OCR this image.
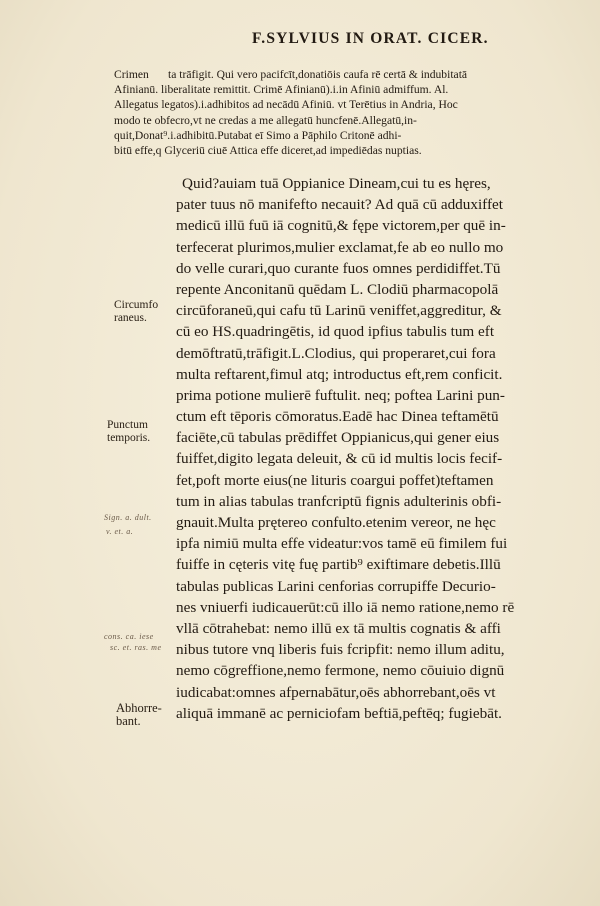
F.SYLVIUS IN ORAT. CICER.
Crimen ta trāfigit. Qui vero pacifcīt,donatiōis caufa rē certā & indubitatā
Afinianū. liberalitate remittit. Crimē Afinianū).i.in Afiniū admiffum. Al.
Allegatus legatos).i.adhibitos ad necādū Afiniū. vt Terētius in Andria, Hoc
modo te obfecro,vt ne credas a me allegatū huncfenē.Allegatū,in-
quit,Donat⁹.i.adhibitū.Putabat eī Simo a Pāphilo Critonē adhi-
bitū effe,q Glyceriū ciuē Attica effe diceret,ad impediēdas nuptias.
Quid?auiam tuā Oppianice Dineam,cui tu es hęres,
pater tuus nō manifefto necauit? Ad quā cū adduxiffet
medicū illū fuū iā cognitū,& fępe victorem,per quē in-
terfecerat plurimos,mulier exclamat,fe ab eo nullo mo
do velle curari,quo curante fuos omnes perdidiffet.Tū
repente Anconitanū quēdam L. Clodiū pharmacopolā
circūforaneū,qui cafu tū Larinū veniffet,aggreditur, &
cū eo HS.quadringētis, id quod ipfius tabulis tum eft
demōftratū,trāfigit.L.Clodius, qui properaret,cui fora
multa reftarent,fimul atq; introductus eft,rem conficit.
prima potione mulierē fuftulit. neq; poftea Larini pun-
ctum eft tēporis cōmoratus.Eadē hac Dinea teftamētū
faciēte,cū tabulas prēdiffet Oppianicus,qui gener eius
fuiffet,digito legata deleuit, & cū id multis locis fecif-
fet,poft morte eius(ne lituris coargui poffet)teftamen
tum in alias tabulas tranfcriptū fignis adulterinis obfi-
gnauit.Multa prętereo confulto.etenim vereor, ne hęc
ipfa nimiū multa effe videatur:vos tamē eū fimilem fui
fuiffe in cęteris vitę fuę partib⁹ exiftimare debetis.Illū
tabulas publicas Larini cenforias corrupiffe Decurio-
nes vniuerfi iudicauerūt:cū illo iā nemo ratione,nemo rē
vllā cōtrahebat: nemo illū ex tā multis cognatis & affi
nibus tutore vnq liberis fuis fcripfit: nemo illum aditu,
nemo cōgreffione,nemo fermone, nemo cōuiuio dignū
iudicabat:omnes afpernabātur,oēs abhorrebant,oēs vt
aliquā immanē ac perniciofam beftiā,peftēq; fugiebāt.
Circumfo
raneus.
Punctum
temporis.
Abhorre-
bant.
Sign. a. dult.
v. et. a.
cons. ca. iese
sc. et. ras. me
